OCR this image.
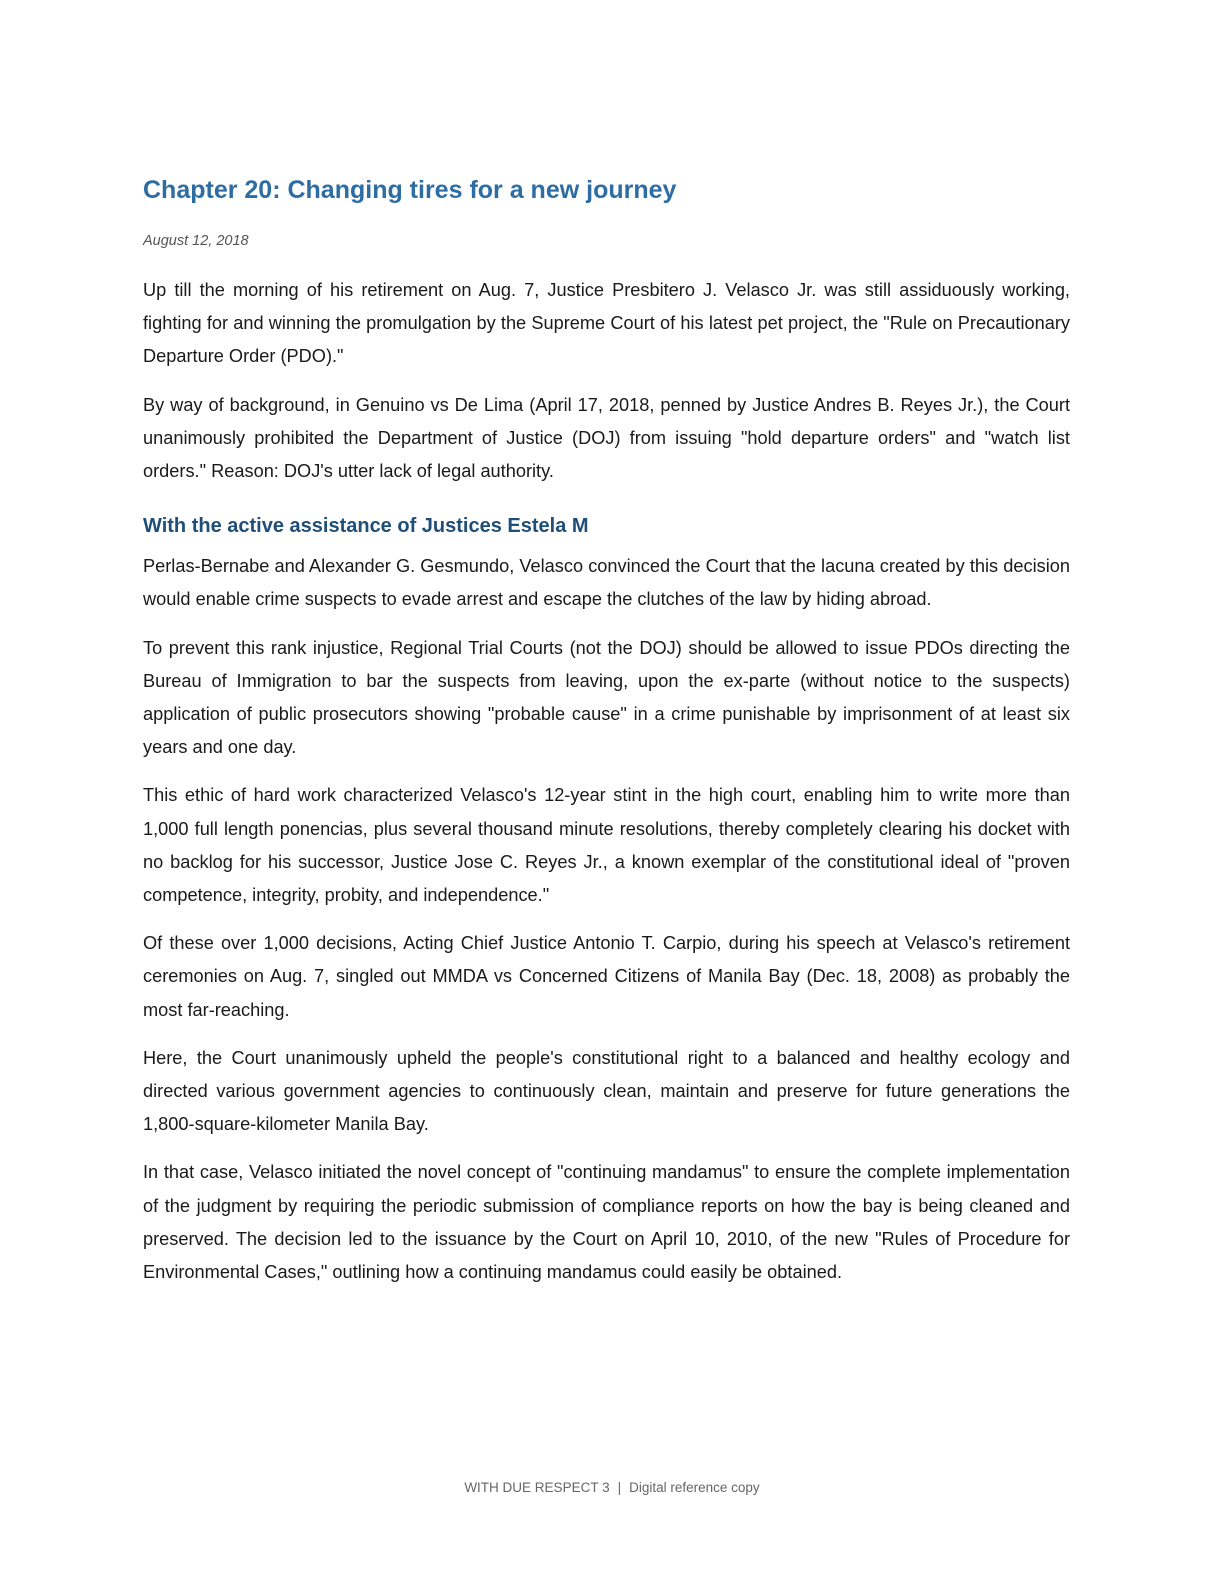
Chapter 20: Changing tires for a new journey
August 12, 2018

Up till the morning of his retirement on Aug. 7, Justice Presbitero J. Velasco Jr. was still assiduously working, fighting for and winning the promulgation by the Supreme Court of his latest pet project, the "Rule on Precautionary Departure Order (PDO)."

By way of background, in Genuino vs De Lima (April 17, 2018, penned by Justice Andres B. Reyes Jr.), the Court unanimously prohibited the Department of Justice (DOJ) from issuing "hold departure orders" and "watch list orders." Reason: DOJ's utter lack of legal authority.

With the active assistance of Justices Estela M

Perlas-Bernabe and Alexander G. Gesmundo, Velasco convinced the Court that the lacuna created by this decision would enable crime suspects to evade arrest and escape the clutches of the law by hiding abroad.

To prevent this rank injustice, Regional Trial Courts (not the DOJ) should be allowed to issue PDOs directing the Bureau of Immigration to bar the suspects from leaving, upon the ex-parte (without notice to the suspects) application of public prosecutors showing "probable cause" in a crime punishable by imprisonment of at least six years and one day.

This ethic of hard work characterized Velasco's 12-year stint in the high court, enabling him to write more than 1,000 full length ponencias, plus several thousand minute resolutions, thereby completely clearing his docket with no backlog for his successor, Justice Jose C. Reyes Jr., a known exemplar of the constitutional ideal of "proven competence, integrity, probity, and independence."

Of these over 1,000 decisions, Acting Chief Justice Antonio T. Carpio, during his speech at Velasco's retirement ceremonies on Aug. 7, singled out MMDA vs Concerned Citizens of Manila Bay (Dec. 18, 2008) as probably the most far-reaching.

Here, the Court unanimously upheld the people's constitutional right to a balanced and healthy ecology and directed various government agencies to continuously clean, maintain and preserve for future generations the 1,800-square-kilometer Manila Bay.

In that case, Velasco initiated the novel concept of "continuing mandamus" to ensure the complete implementation of the judgment by requiring the periodic submission of compliance reports on how the bay is being cleaned and preserved. The decision led to the issuance by the Court on April 10, 2010, of the new "Rules of Procedure for Environmental Cases," outlining how a continuing mandamus could easily be obtained.

WITH DUE RESPECT 3 | Digital reference copy
